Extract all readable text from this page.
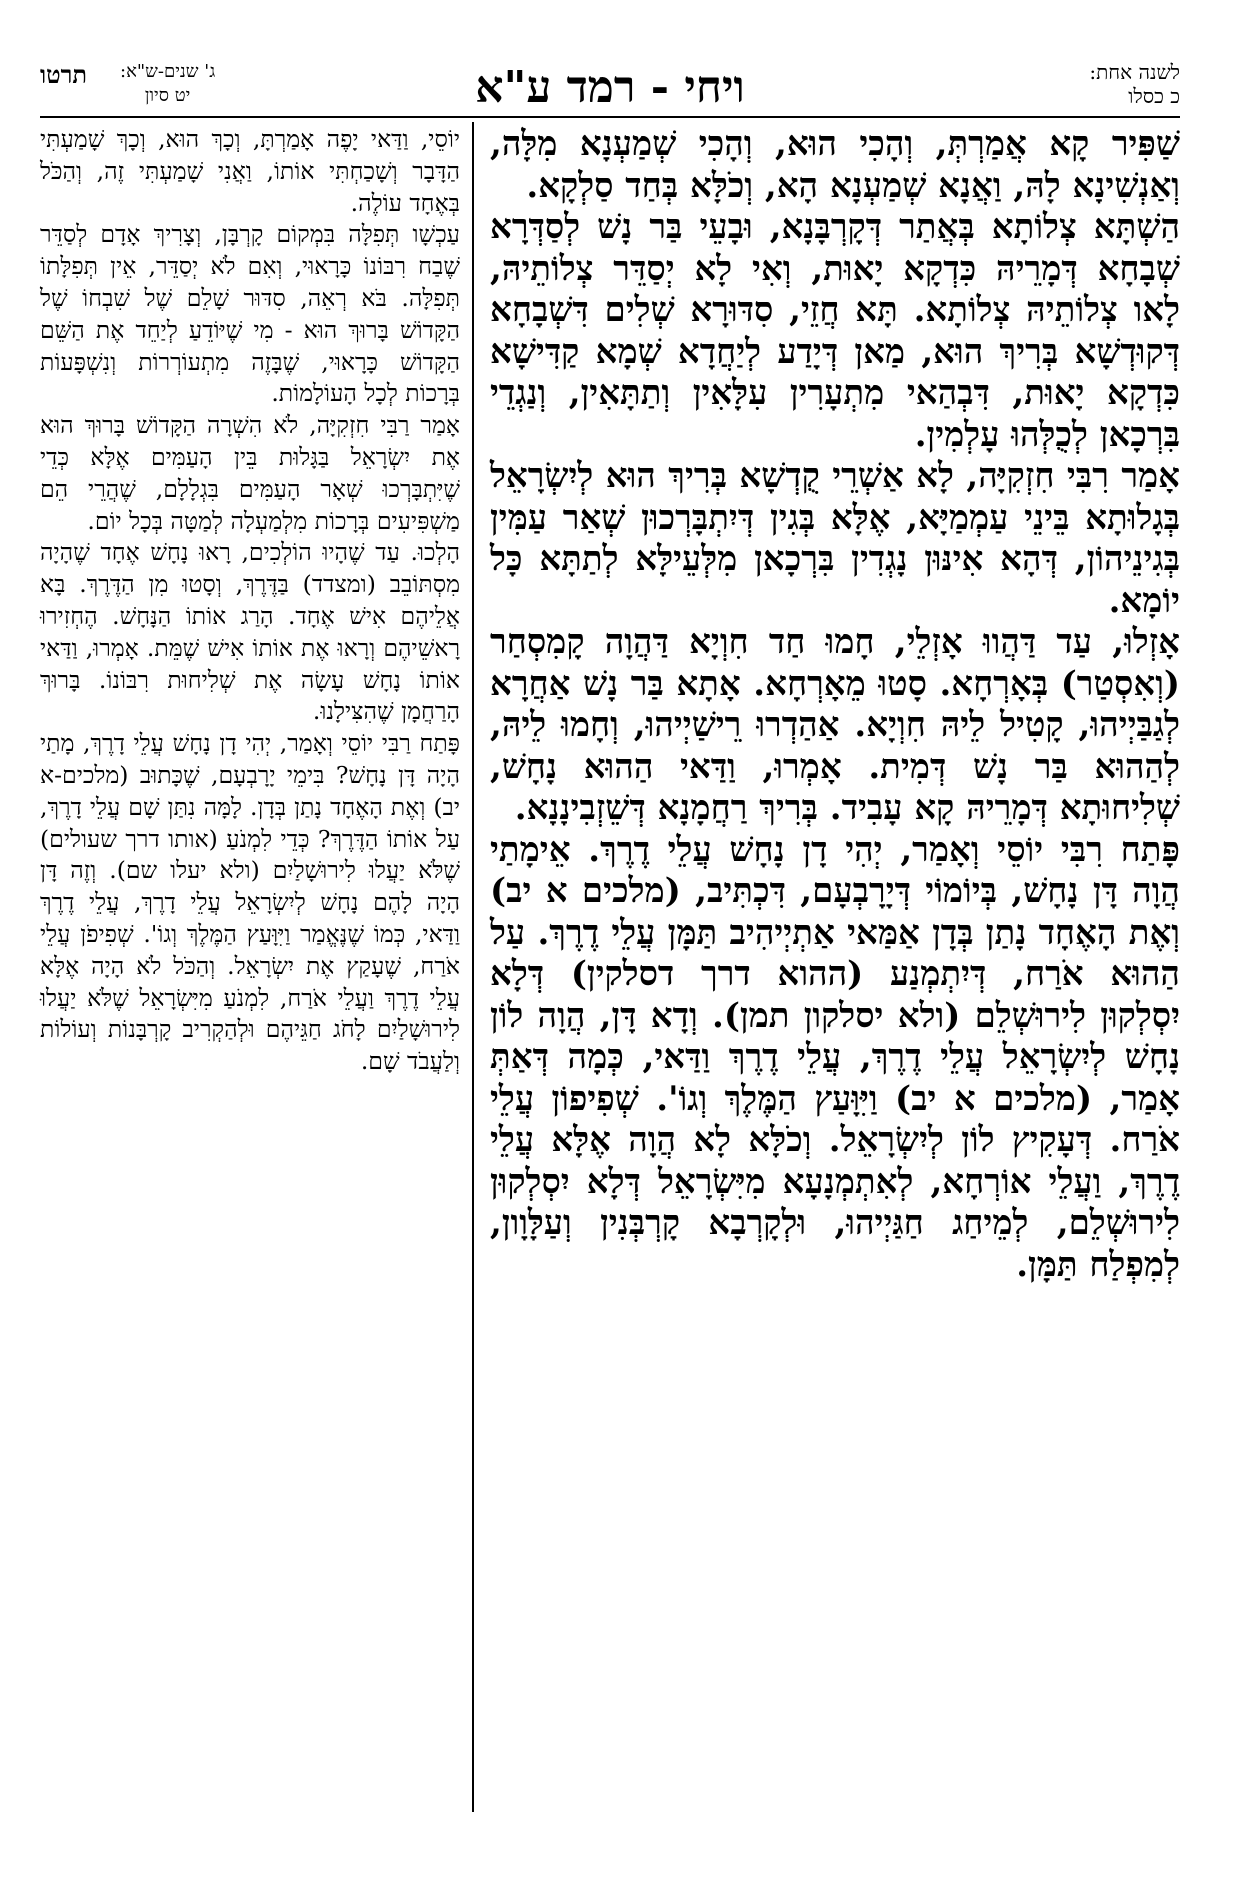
לשנה אחת:
כ כסלו
ויחי - רמד ע"א
ג' שנים-ש"א:
יט סיון
תרטו

שַׁפִּיר קָא אֲמַרְתְּ, וְהָכִי הוּא, וְהָכִי שְׁמַעְנָא מִלָּה, וְאַנְשִׁינָא לָהּ, וַאֲנָא שְׁמַעְנָא הָא, וְכֹלָּא בְּחַד סַלְקָא.

הַשְׁתָּא צְלוֹתָא בְּאֲתַר דְּקָרְבָּנָא, וּבָעֵי בַּר נָשׁ לְסַדְּרָא שְׁבָחָא דְּמָרֵיהּ כִּדְקָא יָאוּת, וְאִי לָא יְסַדֵּר צְלוֹתֵיהּ, לָאו צְלוֹתֵיהּ צְלוֹתָא. תָּא חֲזֵי, סִדּוּרָא שְׁלִים דִּשְׁבָחָא דְּקוּדְשָׁא בְּרִיךְ הוּא, מַאן דְּיָדַע לְיַחֲדָא שְׁמָא קַדִּישָׁא כִּדְקָא יָאוּת, דִּבְהַאי מִתְעָרִין עִלָּאִין וְתַתָּאִין, וְנַגְדֵי בִּרְכָאן לְכֻלְּהוּ עָלְמִין.

אָמַר רִבִּי חִזְקִיָּה, לָא אַשְׁרֵי קֻדְשָׁא בְּרִיךְ הוּא לְיִשְׂרָאֵל בְּגָלוּתָא בֵּינֵי עַמְמַיָּא, אֶלָּא בְּגִין דְּיִתְבָּרְכוּן שְׁאַר עַמִּין בְּגִינֵיהוֹן, דְּהָא אִינּוּן נָגְדִין בִּרְכָאן מִלְּעֵילָּא לְתַתָּא כָּל יוֹמָא.

אָזְלוּ, עַד דַּהֲווּ אָזְלֵי, חָמוּ חַד חִוְיָא דַּהֲוָה קָמִסְחַר (וְאִסְטַר) בְּאָרְחָא. סָטוּ מֵאָרְחָא. אָתָא בַּר נָשׁ אַחֲרָא לְגַבַּיְיהוּ, קָטִיל לֵיהּ חִוְיָא. אַהַדְרוּ רֵישַׁיְיהוּ, וְחָמוּ לֵיהּ, לְהַהוּא בַּר נָשׁ דְּמִית. אָמְרוּ, וַדַּאי הַהוּא נָחָשׁ, שְׁלִיחוּתָא דְּמָרֵיהּ קָא עָבִיד. בְּרִיךְ רַחֲמָנָא דְּשֵׁזְבִינָנָא.

פָּתַח רִבִּי יוֹסֵי וְאָמַר, יְהִי דָן נָחָשׁ עֲלֵי דֶרֶךְ. אֵימָתַי הֲוָה דָּן נָחָשׁ, בְּיוֹמוֹי דְּיָרָבְעָם, דִּכְתִּיב, (מלכים א יב) וְאֶת הָאֶחָד נָתַן בְּדָן אַמַּאי אַתְיְיהִיב תַּמָּן עֲלֵי דֶרֶךְ. עַל הַהוּא אֹרַח, דְּיִתְמְנַע (ההוא דרך דסלקין) דְּלָא יִסְלְקוּן לִירוּשְׁלֵם (ולא יסלקון תמן). וְדָא דָּן, הֲוָה לוֹן נָחָשׁ לְיִשְׂרָאֵל עֲלֵי דֶרֶךְ, עֲלֵי דֶרֶךְ וַדַּאי, כְּמָה דְּאַתְּ אָמַר, (מלכים א יב) וַיִּוָּעַץ הַמֶּלֶךְ וְגוֹ'. שְׁפִיפוֹן עֲלֵי אֹרַח. דְּעָקִיץ לוֹן לְיִשְׂרָאֵל. וְכֹלָּא לָא הֲוָה אֶלָּא עֲלֵי דֶרֶךְ, וַעֲלֵי אוֹרְחָא, לְאִתְמְנָעָא מִיִּשְׂרָאֵל דְּלָא יִסְלְקוּן לִירוּשְׁלֵם, לְמֵיחַג חַגַּיְיהוּ, וּלְקָרְבָא קָרְבְּנִין וְעַלָּוָון, לְמִפְלַח תַּמָּן.

יוֹסֵי, וַדַּאי יָפֶה אָמַרְתָּ, וְכָךְ הוּא, וְכָךְ שָׁמַעְתִּי הַדָּבָר וְשָׁכַחְתִּי אוֹתוֹ, וַאֲנִי שָׁמַעְתִּי זֶה, וְהַכֹּל בְּאֶחָד עוֹלֶה.

עַכְשָׁו תְּפִלָּה בִּמְקוֹם קָרְבָּן, וְצָרִיךְ אָדָם לְסַדֵּר שֶׁבַח רִבּוֹנוֹ כָּרָאוּי, וְאִם לֹא יְסַדֵּר, אֵין תְּפִלָּתוֹ תְּפִלָּה. בֹּא רְאֵה, סִדּוּר שָׁלֵם שֶׁל שִׁבְחוֹ שֶׁל הַקָּדוֹשׁ בָּרוּךְ הוּא - מִי שֶׁיּוֹדֵעַ לְיַחֵד אֶת הַשֵּׁם הַקָּדוֹשׁ כָּרָאוּי, שֶׁבָּזֶה מִתְעוֹרְרוֹת וְנִשְׁפָּעוֹת בְּרָכוֹת לְכָל הָעוֹלָמוֹת.

אָמַר רַבִּי חִזְקִיָּה, לֹא הִשְׁרָה הַקָּדוֹשׁ בָּרוּךְ הוּא אֶת יִשְׂרָאֵל בַּגָּלוּת בֵּין הָעַמִּים אֶלָּא כְּדֵי שֶׁיִּתְבָּרְכוּ שְׁאָר הָעַמִּים בִּגְלָלָם, שֶׁהֲרֵי הֵם מַשְׁפִּיעִים בְּרָכוֹת מִלְמַעְלָה לְמַטָּה בְּכָל יוֹם.

הָלְכוּ. עַד שֶׁהָיוּ הוֹלְכִים, רָאוּ נָחָשׁ אֶחָד שֶׁהָיָה מִסְתּוֹבֵב (ומצדד) בַּדֶּרֶךְ, וְסָטוּ מִן הַדֶּרֶךְ. בָּא אֲלֵיהֶם אִישׁ אֶחָד. הָרַג אוֹתוֹ הַנָּחָשׁ. הֶחְזִירוּ רָאשֵׁיהֶם וְרָאוּ אֶת אוֹתוֹ אִישׁ שֶׁמֵּת. אָמְרוּ, וַדַּאי אוֹתוֹ נָחָשׁ עָשָׂה אֶת שְׁלִיחוּת רִבּוֹנוֹ. בָּרוּךְ הָרַחֲמָן שֶׁהִצִּילָנוּ.

פָּתַח רַבִּי יוֹסֵי וְאָמַר, יְהִי דָן נָחָשׁ עֲלֵי דָרֶךְ, מָתַי הָיָה דָּן נָחָשׁ? בִּימֵי יָרָבְעָם, שֶׁכָּתוּב (מלכים-א יב) וְאֶת הָאֶחָד נָתַן בְּדָן. לָמָּה נִתַּן שָׁם עֲלֵי דָרֶךְ, עַל אוֹתוֹ הַדֶּרֶךְ? כְּדֵי לִמְנֹעַ (אותו דרך שעולים) שֶׁלֹּא יַעֲלוּ לִירוּשָׁלַיִם (ולא יעלו שם). וְזֶה דָּן הָיָה לָהֶם נָחָשׁ לְיִשְׂרָאֵל עֲלֵי דָרֶךְ, עֲלֵי דֶרֶךְ וַדַּאי, כְּמוֹ שֶׁנֶּאֱמַר וַיִּוָּעַץ הַמֶּלֶךְ וְגוֹ'. שְׁפִיפֹן עֲלֵי אֹרַח, שֶׁעָקַץ אֶת יִשְׂרָאֵל. וְהַכֹּל לֹא הָיָה אֶלָּא עֲלֵי דֶרֶךְ וַעֲלֵי אֹרַח, לִמְנֹעַ מִיִּשְׂרָאֵל שֶׁלֹּא יַעֲלוּ לִירוּשָׁלַיִם לָחֹג חַגֵּיהֶם וּלְהַקְרִיב קָרְבָּנוֹת וְעוֹלוֹת וְלַעֲבֹד שָׁם.
